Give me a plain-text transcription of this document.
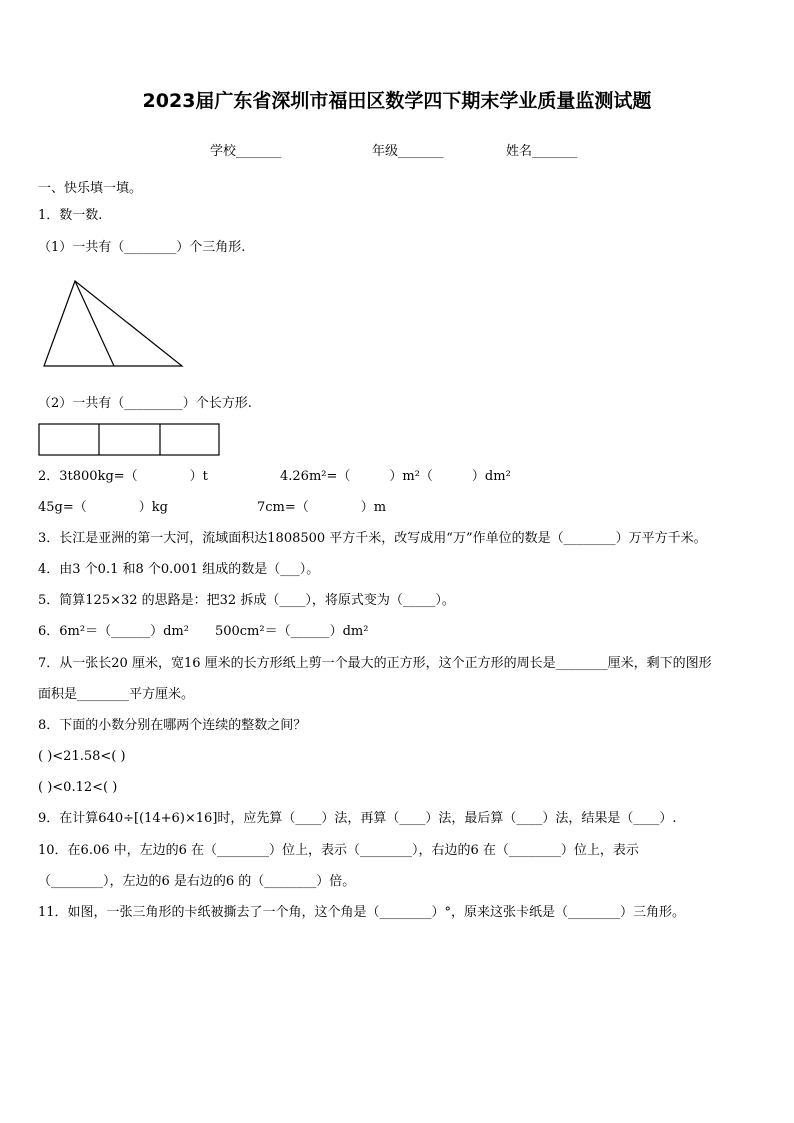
2023届广东省深圳市福田区数学四下期末学业质量监测试题
学校_______	年级_______	姓名_______
一、快乐填一填。
1．数一数.
（1）一共有（________）个三角形.
（2）一共有（_________）个长方形.
2．3t800kg=（　　　　）t	4.26m²=（　　　）m²（　　　）dm²
45g=（　　　　）kg	7cm=（　　　　）m
3．长江是亚洲的第一大河，流域面积达1808500 平方千米，改写成用“万”作单位的数是（________）万平方千米。
4．由3 个0.1 和8 个0.001 组成的数是（___）。
5．简算125×32 的思路是：把32 拆成（____），将原式变为（_____）。
6．6m²＝（______）dm²　　500cm²＝（______）dm²
7．从一张长20 厘米，宽16 厘米的长方形纸上剪一个最大的正方形，这个正方形的周长是________厘米，剩下的图形
面积是________平方厘米。
8．下面的小数分别在哪两个连续的整数之间？
( )<21.58<( )
( )<0.12<( )
9．在计算640÷[(14+6)×16]时，应先算（____）法，再算（____）法，最后算（____）法，结果是（____）.
10．在6.06 中，左边的6 在（________）位上，表示（________），右边的6 在（________）位上，表示
（________），左边的6 是右边的6 的（________）倍。
11．如图，一张三角形的卡纸被撕去了一个角，这个角是（________）°，原来这张卡纸是（________）三角形。
